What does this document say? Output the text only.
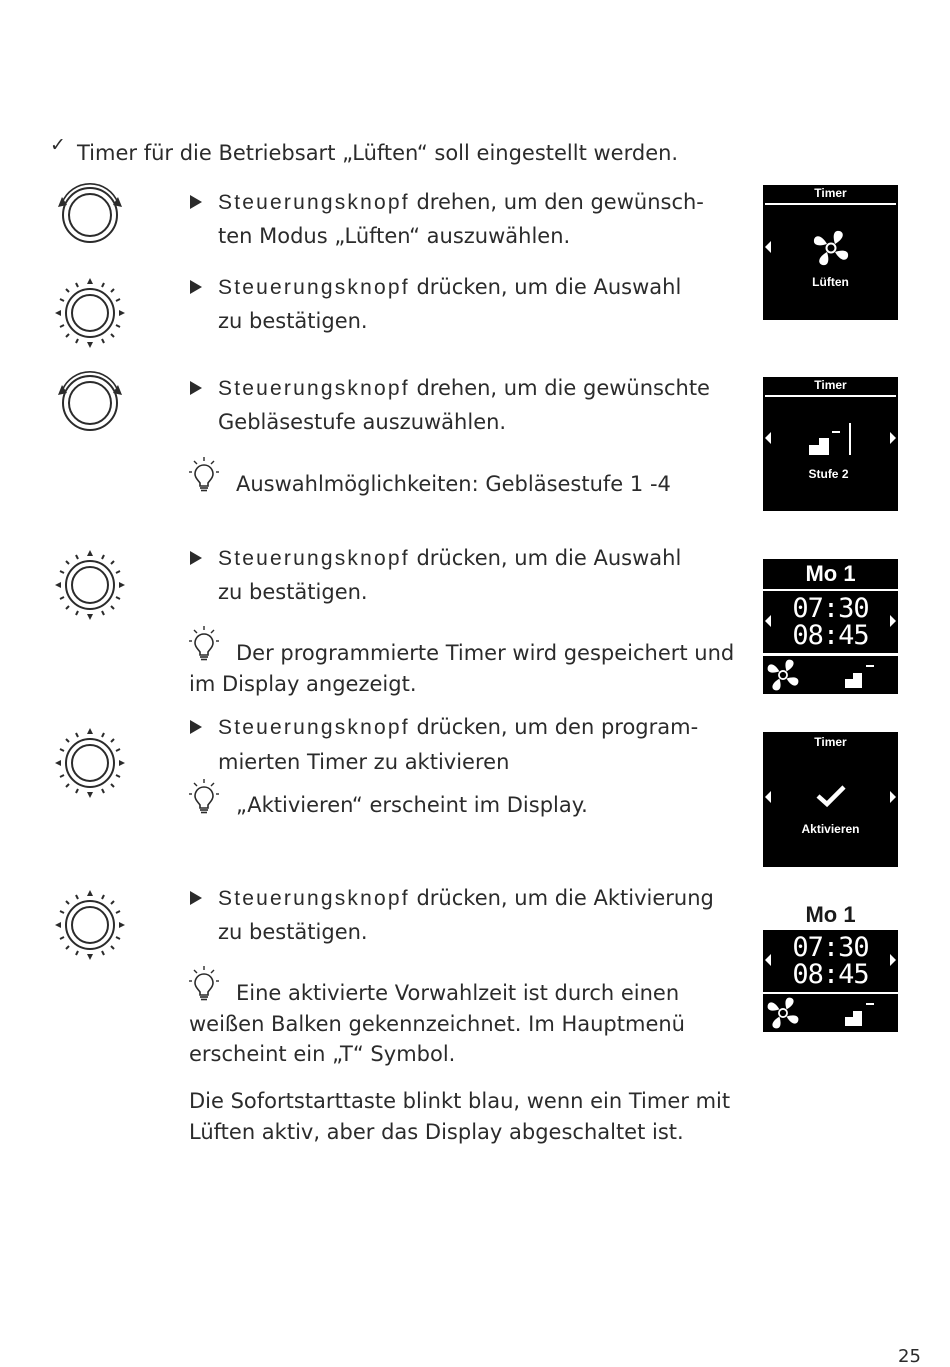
✓ Timer für die Betriebsart „Lüften“ soll eingestellt werden.
Steuerungsknopf drehen, um den gewünsch-
ten Modus „Lüften“ auszuwählen.
Steuerungsknopf drücken, um die Auswahl
zu bestätigen.
Steuerungsknopf drehen, um die gewünschte
Gebläsestufe auszuwählen.
Auswahlmöglichkeiten: Gebläsestufe 1 -4
Steuerungsknopf drücken, um die Auswahl
zu bestätigen.
Der programmierte Timer wird gespeichert und
im Display angezeigt.
Steuerungsknopf drücken, um den program-
mierten Timer zu aktivieren
„Aktivieren“ erscheint im Display.
Steuerungsknopf drücken, um die Aktivierung
zu bestätigen.
Eine aktivierte Vorwahlzeit ist durch einen
weißen Balken gekennzeichnet. Im Hauptmenü
erscheint ein „T“ Symbol.
Die Sofortstarttaste blinkt blau, wenn ein Timer mit
Lüften aktiv, aber das Display abgeschaltet ist.
Timer
Lüften
Timer
Stufe 2
Mo 1
07:30
08:45
Timer
Aktivieren
Mo 1
07:30
08:45
25
